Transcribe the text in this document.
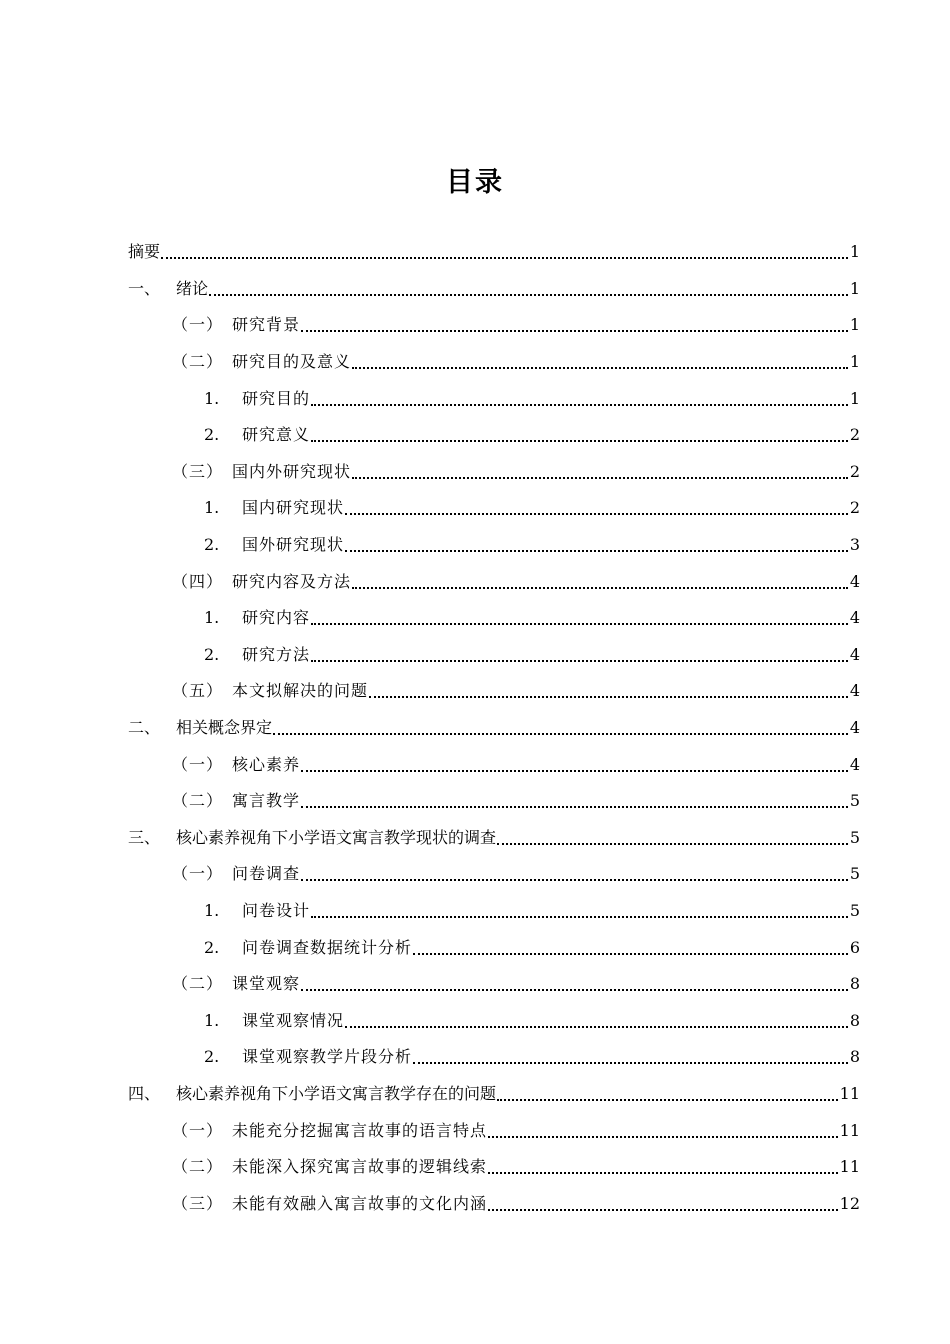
目录
摘要	1
一、 绪论	1
（一） 研究背景	1
（二） 研究目的及意义	1
1.	研究目的	1
2.	研究意义	2
（三） 国内外研究现状	2
1.	国内研究现状	2
2.	国外研究现状	3
（四） 研究内容及方法	4
1.	研究内容	4
2.	研究方法	4
（五） 本文拟解决的问题	4
二、 相关概念界定	4
（一） 核心素养	4
（二） 寓言教学	5
三、 核心素养视角下小学语文寓言教学现状的调查	5
（一） 问卷调查	5
1.	问卷设计	5
2.	问卷调查数据统计分析	6
（二） 课堂观察	8
1.	课堂观察情况	8
2.	课堂观察教学片段分析	8
四、 核心素养视角下小学语文寓言教学存在的问题	11
（一） 未能充分挖掘寓言故事的语言特点	11
（二） 未能深入探究寓言故事的逻辑线索	11
（三） 未能有效融入寓言故事的文化内涵	12
